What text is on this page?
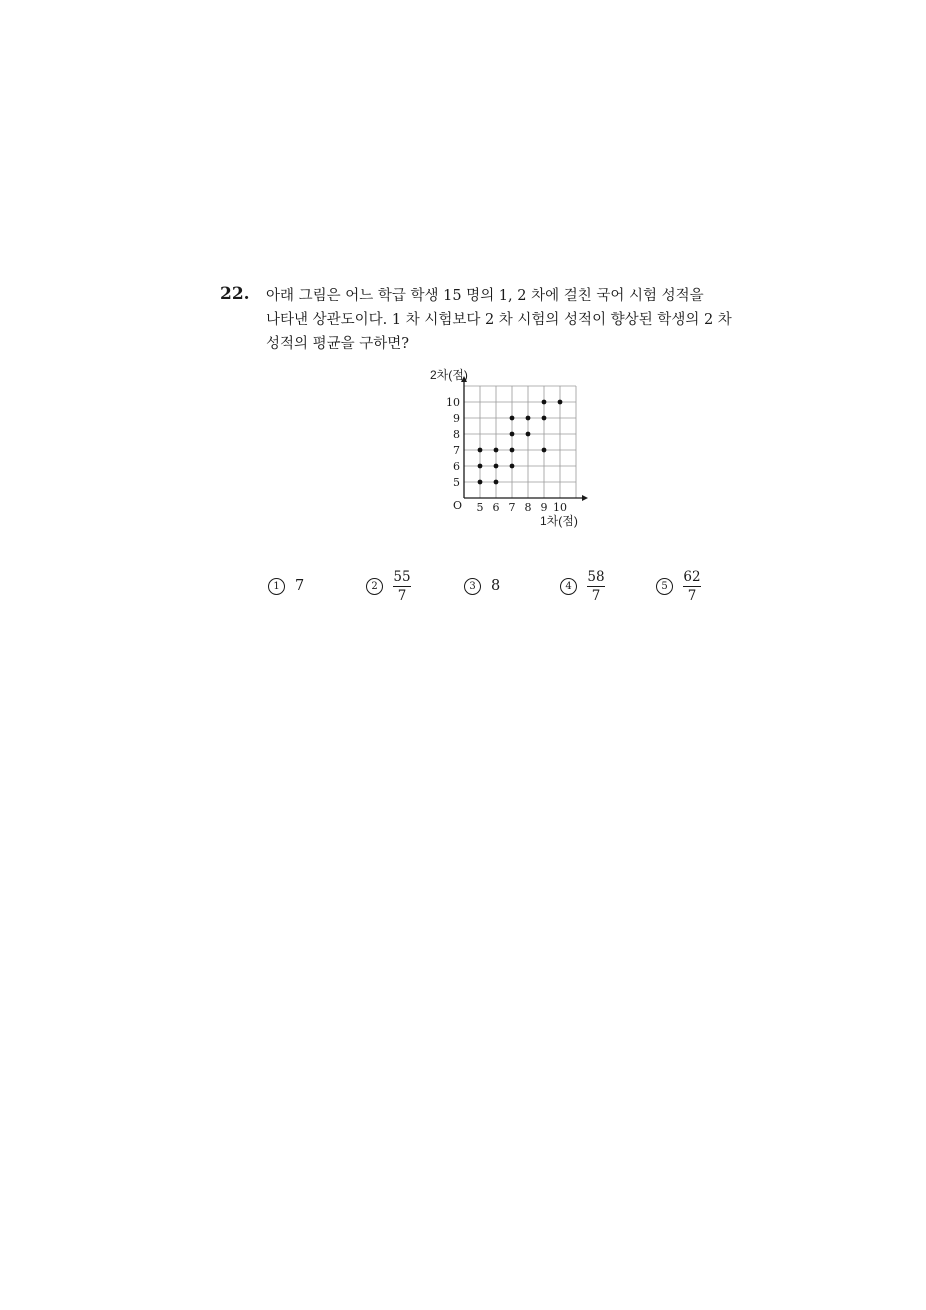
22. 아래 그림은 어느 학급 학생 15 명의 1, 2 차에 걸친 국어 시험 성적을
나타낸 상관도이다. 1 차 시험보다 2 차 시험의 성적이 향상된 학생의 2 차
성적의 평균을 구하면?
5 6 7 8 9 10
5
6
7
8
9
10
2차(점)
1차(점)
O
1	7	2	$\frac{55}{7}$	3	8	4	$\frac{58}{7}$	5	$\frac{62}{7}$
